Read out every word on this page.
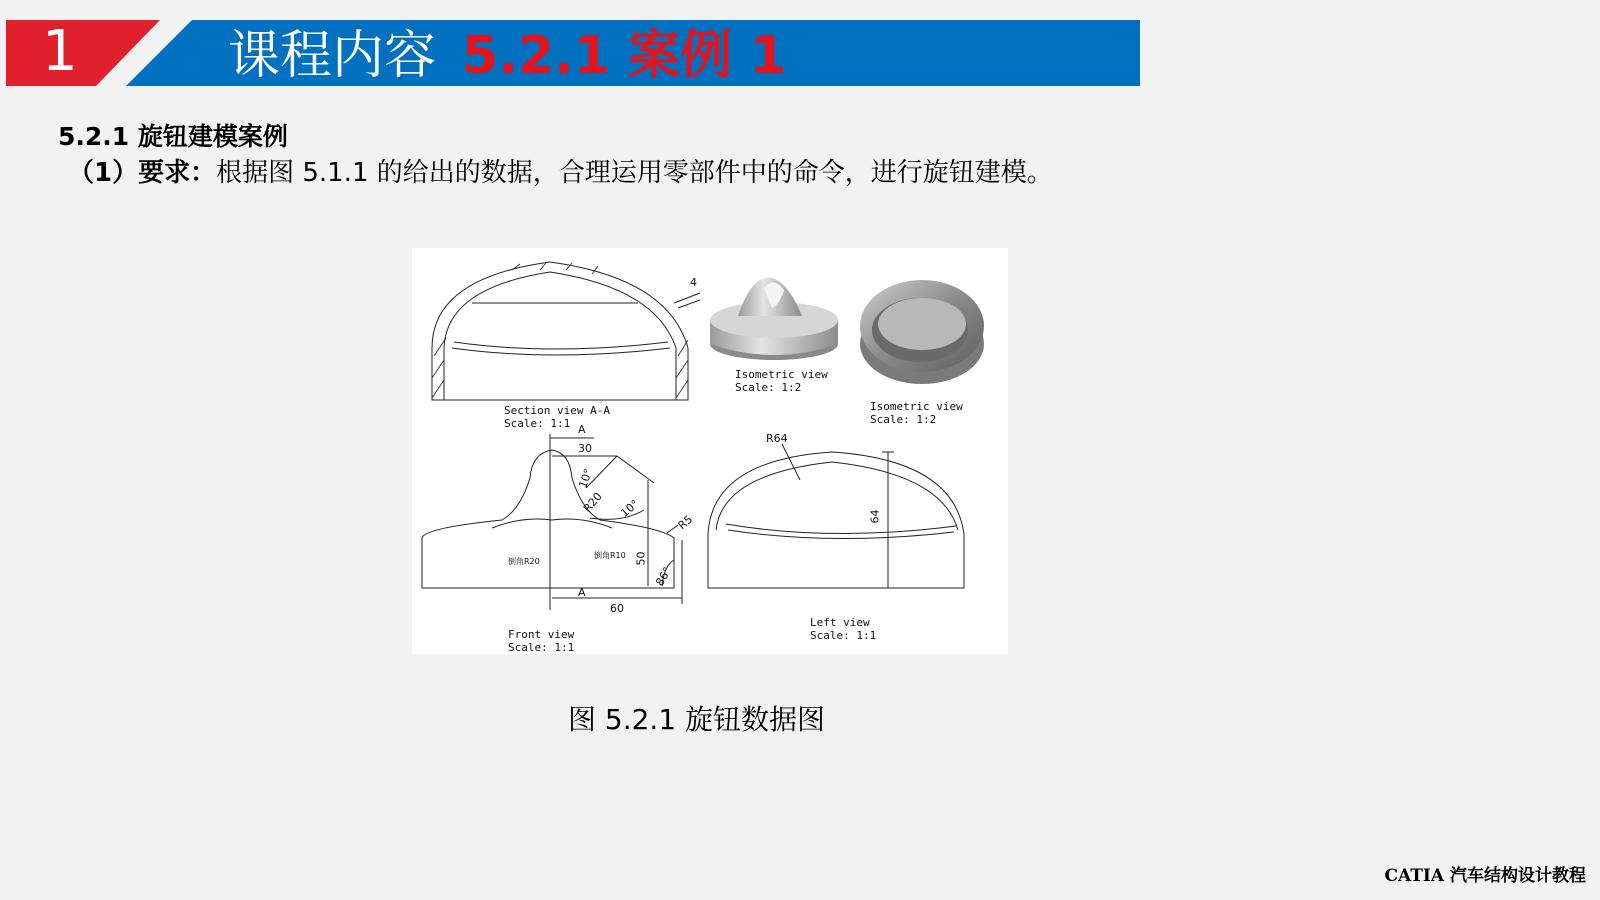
1	课程内容 5.2.1 案例 1
5.2.1 旋钮建模案例
（1）要求：根据图 5.1.1 的给出的数据，合理运用零部件中的命令，进行旋钮建模。
4
Section view A-A
Scale: 1:1
Isometric view
Scale: 1:2
Isometric view
Scale: 1:2
A
30
10°
R20 10°
R5
50
86°
A
60
倒角R20
倒角R10
Front view
Scale: 1:1
R64
64
Left view
Scale: 1:1
图 5.2.1 旋钮数据图
CATIA 汽车结构设计教程
